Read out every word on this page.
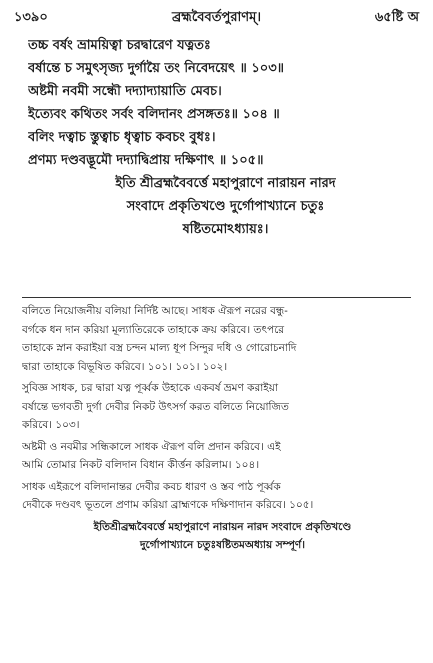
১৩৯০	ব্রহ্মবৈবর্তপুরাণম্‌।	৬৫ষ্টি অ
তচ্চ বর্ষং ভ্রাময়িত্বা চরদ্বারেণ যত্নতঃ
বর্ষান্তে চ সমুৎসৃজ্য দুর্গায়ৈ তং নিবেদয়েৎ ॥ ১০৩॥
অষ্টমী নবমী সন্ধৌ দদ্যাদ্যায়াতি মেবচ।
ইত্যেবং কথিতং সর্বং বলিদানং প্রসঙ্গতঃ॥ ১০৪ ॥
বলিং দত্বাচ স্তুত্বাচ ধৃত্বাচ কবচং বুধঃ।
প্রণম্য দণ্ডবদ্ভূমৌ দদ্যাদ্বিপ্রায় দক্ষিণাৎ ॥ ১০৫॥
ইতি শ্রীব্রহ্মবৈবর্ত্তে মহাপুরাণে নারায়ন নারদ
সংবাদে প্রকৃতিখণ্ডে দুর্গোপাখ্যানে চতুঃ
ষষ্টিতমোঽধ্যায়ঃ।

বলিতে নিয়োজনীয় বলিয়া নির্দিষ্ট আছে। সাধক ঐরূপ নরের বন্ধু-
বর্গকে ধন দান করিয়া মূল্যাতিরেকে তাহাকে ক্রয় করিবে। তৎপরে
তাহাকে স্নান করাইয়া বস্ত্র চন্দন মাল্য ধূপ সিন্দুর দধি ও গোরোচনাদি
দ্বারা তাহাকে বিভূষিত করিবে। ১০১। ১০১। ১০২।

সুবিজ্ঞ সাধক, চর দ্বারা যত্ন পূর্ব্বক উহাকে একবর্ষ ভ্রমণ করাইয়া
বর্ষান্তে ভগবতী দুর্গা দেবীর নিকট উৎসর্গ করত বলিতে নিয়োজিত
করিবে। ১০৩।

অষ্টমী ও নবমীর সন্ধিকালে সাধক ঐরূপ বলি প্রদান করিবে। এই
আমি তোমার নিকট বলিদান বিধান কীর্ত্তন করিলাম। ১০৪।

সাধক এইরূপে বলিদানান্তর দেবীর কবচ ধারণ ও স্তব পাঠ পূর্ব্বক
দেবীকে দণ্ডবৎ ভূতলে প্রণাম করিয়া ব্রাহ্মণকে দক্ষিণাদান করিবে। ১০৫।

ইতিশ্রীব্রহ্মবৈবর্ত্তে মহাপুরাণে নারায়ন নারদ সংবাদে প্রকৃতিখণ্ডে
দুর্গোপাখ্যানে চতুঃষষ্টিতমঅধ্যায় সম্পূর্ণ।
